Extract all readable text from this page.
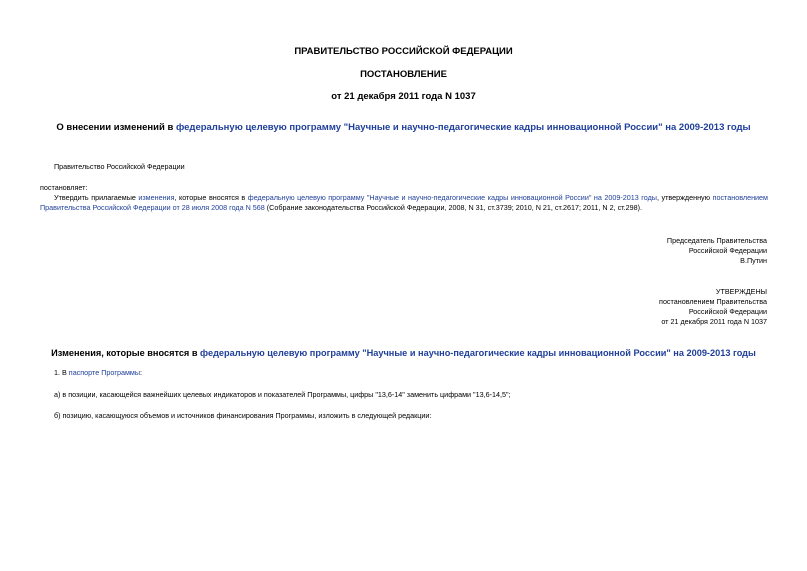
ПРАВИТЕЛЬСТВО РОССИЙСКОЙ ФЕДЕРАЦИИ
ПОСТАНОВЛЕНИЕ
от 21 декабря 2011 года N 1037
О внесении изменений в федеральную целевую программу "Научные и научно-педагогические кадры инновационной России" на 2009-2013 годы
Правительство Российской Федерации
постановляет:
Утвердить прилагаемые изменения, которые вносятся в федеральную целевую программу "Научные и научно-педагогические кадры инновационной России" на 2009-2013 годы, утвержденную постановлением Правительства Российской Федерации от 28 июля 2008 года N 568 (Собрание законодательства Российской Федерации, 2008, N 31, ст.3739; 2010, N 21, ст.2617; 2011, N 2, ст.298).
Председатель Правительства
Российской Федерации
В.Путин
УТВЕРЖДЕНЫ
постановлением Правительства
Российской Федерации
от 21 декабря 2011 года N 1037
Изменения, которые вносятся в федеральную целевую программу "Научные и научно-педагогические кадры инновационной России" на 2009-2013 годы
1. В паспорте Программы:
а) в позиции, касающейся важнейших целевых индикаторов и показателей Программы, цифры "13,6-14" заменить цифрами "13,6-14,5";
б) позицию, касающуюся объемов и источников финансирования Программы, изложить в следующей редакции:
